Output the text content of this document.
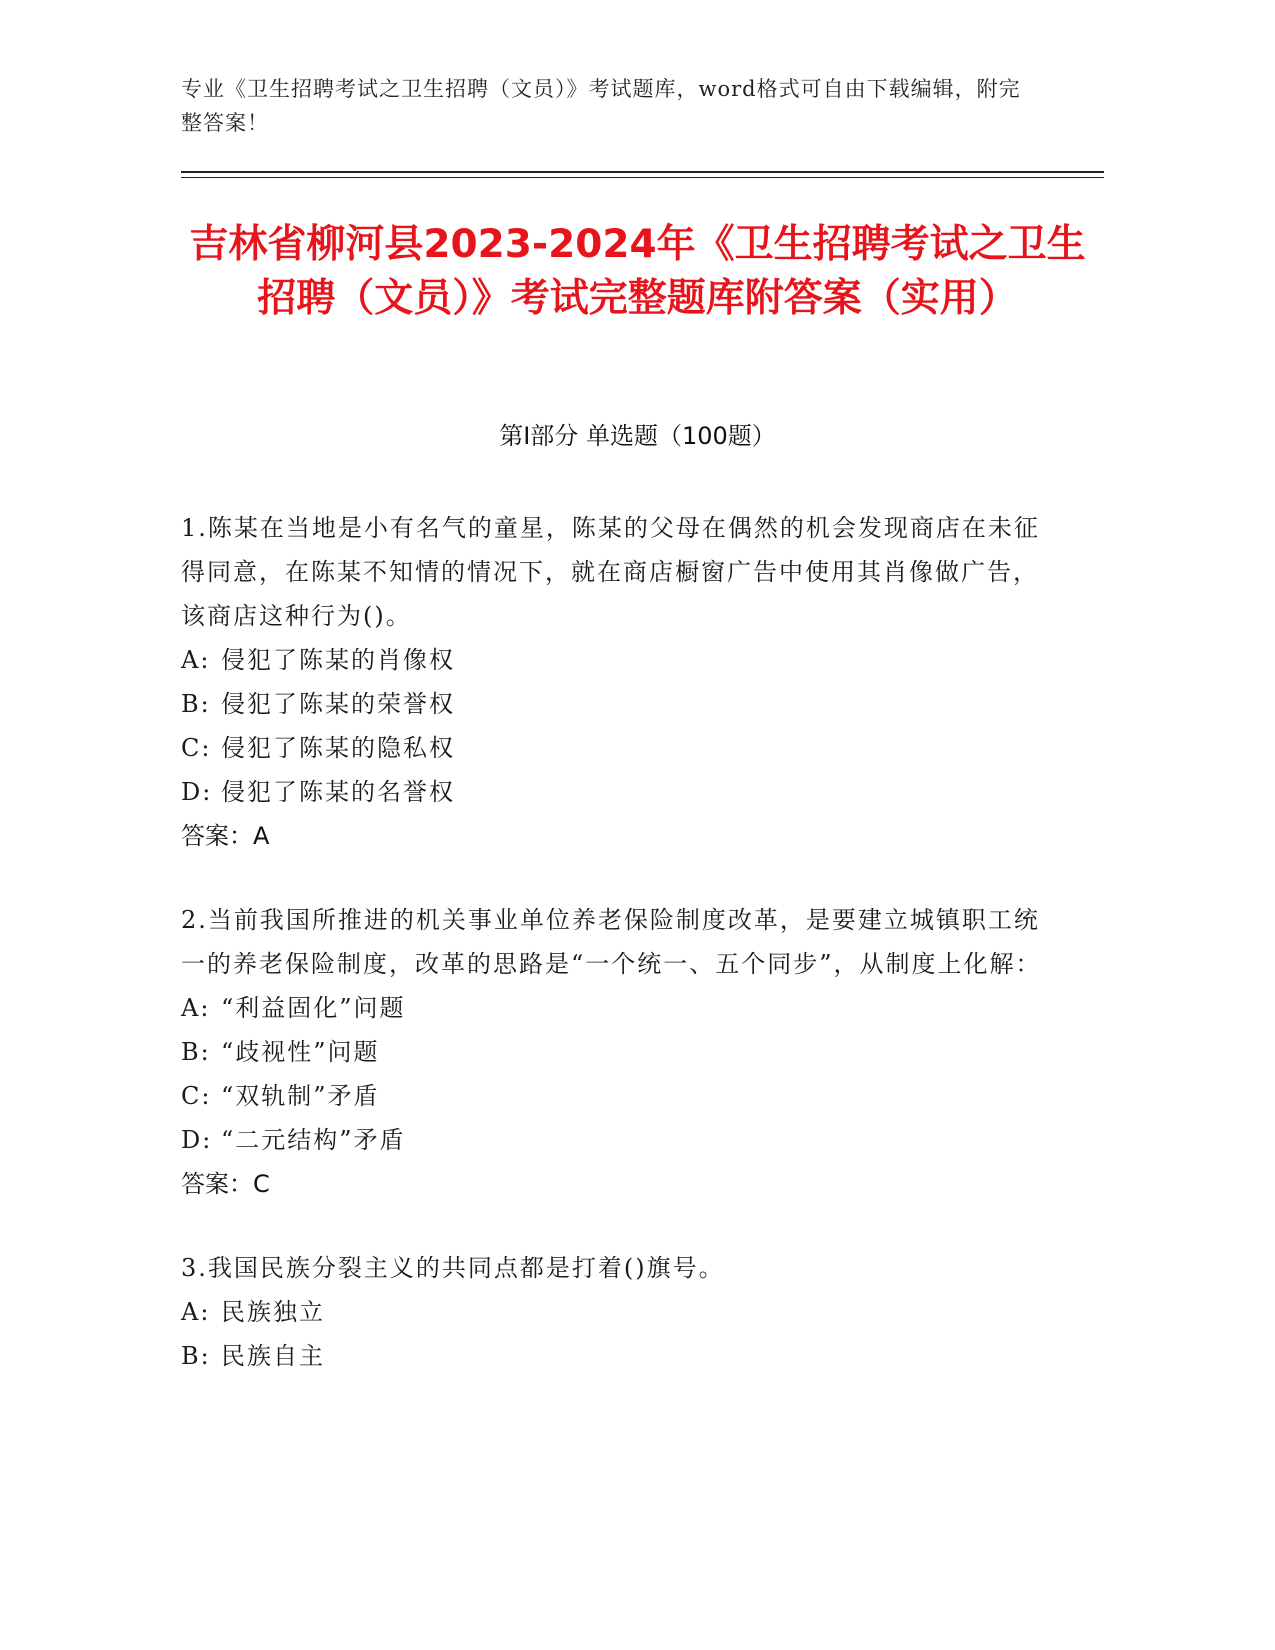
专业《卫生招聘考试之卫生招聘（文员）》考试题库，word格式可自由下载编辑，附完整答案！
吉林省柳河县2023-2024年《卫生招聘考试之卫生招聘（文员）》考试完整题库附答案（实用）
第Ⅰ部分 单选题（100题）

1.陈某在当地是小有名气的童星，陈某的父母在偶然的机会发现商店在未征得同意，在陈某不知情的情况下，就在商店橱窗广告中使用其肖像做广告，该商店这种行为()。

A: 侵犯了陈某的肖像权

B: 侵犯了陈某的荣誉权

C: 侵犯了陈某的隐私权

D: 侵犯了陈某的名誉权

答案：A

2.当前我国所推进的机关事业单位养老保险制度改革，是要建立城镇职工统一的养老保险制度，改革的思路是“一个统一、五个同步”，从制度上化解：

A: “利益固化”问题

B: “歧视性”问题

C: “双轨制”矛盾

D: “二元结构”矛盾

答案：C

3.我国民族分裂主义的共同点都是打着()旗号。

A: 民族独立

B: 民族自主
